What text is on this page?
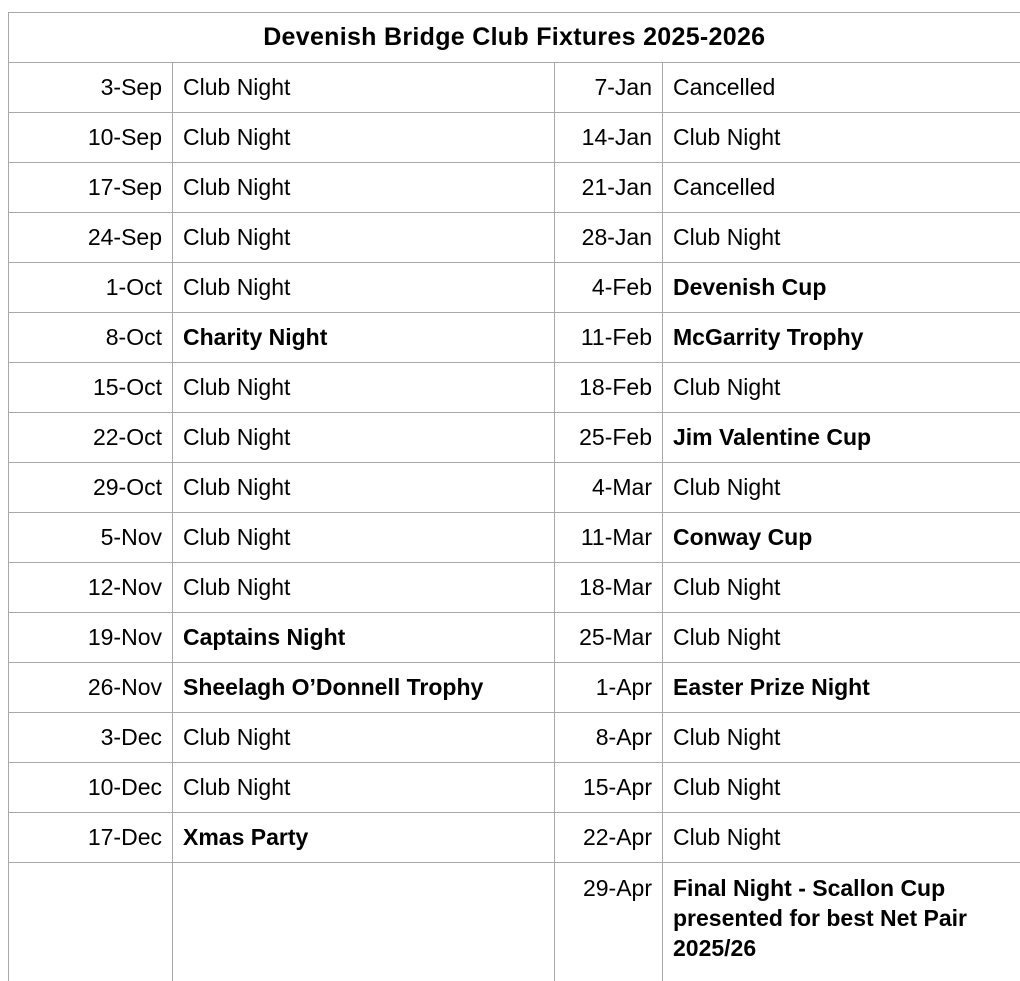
Devenish Bridge Club Fixtures 2025-2026			
3-Sep	Club Night	7-Jan	Cancelled
10-Sep	Club Night	14-Jan	Club Night
17-Sep	Club Night	21-Jan	Cancelled
24-Sep	Club Night	28-Jan	Club Night
1-Oct	Club Night	4-Feb	Devenish Cup
8-Oct	Charity Night	11-Feb	McGarrity Trophy
15-Oct	Club Night	18-Feb	Club Night
22-Oct	Club Night	25-Feb	Jim Valentine Cup
29-Oct	Club Night	4-Mar	Club Night
5-Nov	Club Night	11-Mar	Conway Cup
12-Nov	Club Night	18-Mar	Club Night
19-Nov	Captains Night	25-Mar	Club Night
26-Nov	Sheelagh O’Donnell Trophy	1-Apr	Easter Prize Night
3-Dec	Club Night	8-Apr	Club Night
10-Dec	Club Night	15-Apr	Club Night
17-Dec	Xmas Party	22-Apr	Club Night
		29-Apr	Final Night - Scallon Cup presented for best Net Pair 2025/26
